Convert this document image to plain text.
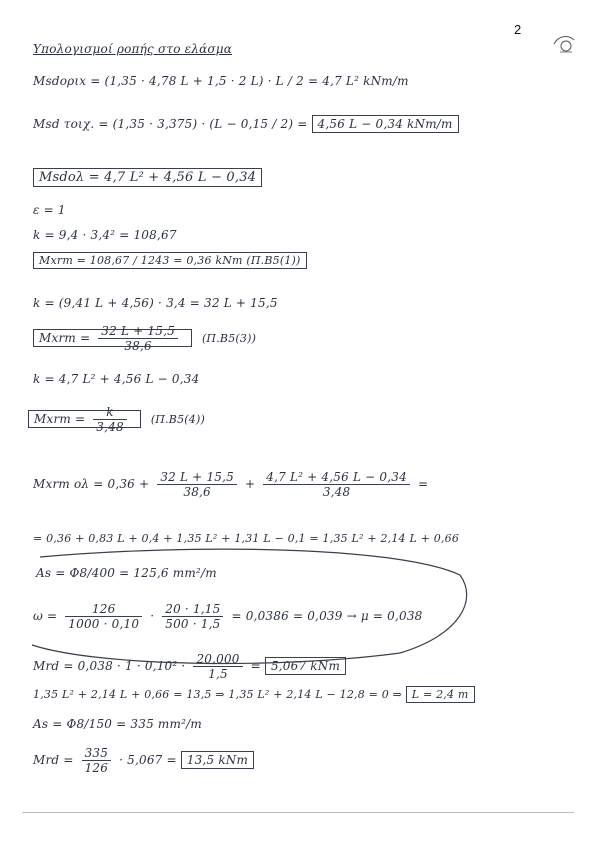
2
Υπολογισμοί ροπής στο ελάσμα
Msdoριx = (1,35 · 4,78 L + 1,5 · 2 L) · L / 2 = 4,7 L² kNm/m
Msd τοιχ. = (1,35 · 3,375) · (L − 0,15 / 2) = 4,56 L − 0,34 kNm/m
Msdολ = 4,7 L² + 4,56 L − 0,34
ε = 1
k = 9,4 · 3,4² = 108,67
Mxrm = 108,67 / 1243 = 0,36 kNm (Π.Β5(1))
k = (9,41 L + 4,56) · 3,4 = 32 L + 15,5
Mxrm = $\frac{32 L + 15,5}{38,6} (\Pi.B5(3))$
k = 4,7 L² + 4,56 L − 0,34
Mxrm = $\frac{k}{3,48} (\Pi.B5(4))$
Mxrm $o\lambda = 0,36 + \frac{32 L + 15,5}{38,6} + \frac{\text{4,7 L² + 4,56 L − 0,34}}{3,48}$ =
= 0,36 + 0,83 L + 0,4 + 1,35 L² + 1,31 L − 0,1 = 1,35 L² + 2,14 L + 0,66
As = Φ8/400 = 125,6 mm²/m
$\omega = \frac{126}{1000 \cdot 0,10} \cdot \frac{20 \cdot 1,15}{500 \cdot 1,5} = 0,0386 = 0,039 \to \mu = 0,038$
Mrd = $0,038 \cdot 1 \cdot 0,10^2 \cdot \frac{20.000}{1,5} = 5,067$ kNm
1,35 L² + 2,14 L + 0,66 = 13,5 ⇒ 1,35 L² + 2,14 L − 12,8 = 0 ⇒ L = 2,4 m
As = Φ8/150 = 335 mm²/m
Mrd = $\frac{335}{126} \cdot 5,067 = 13,5$ kNm
